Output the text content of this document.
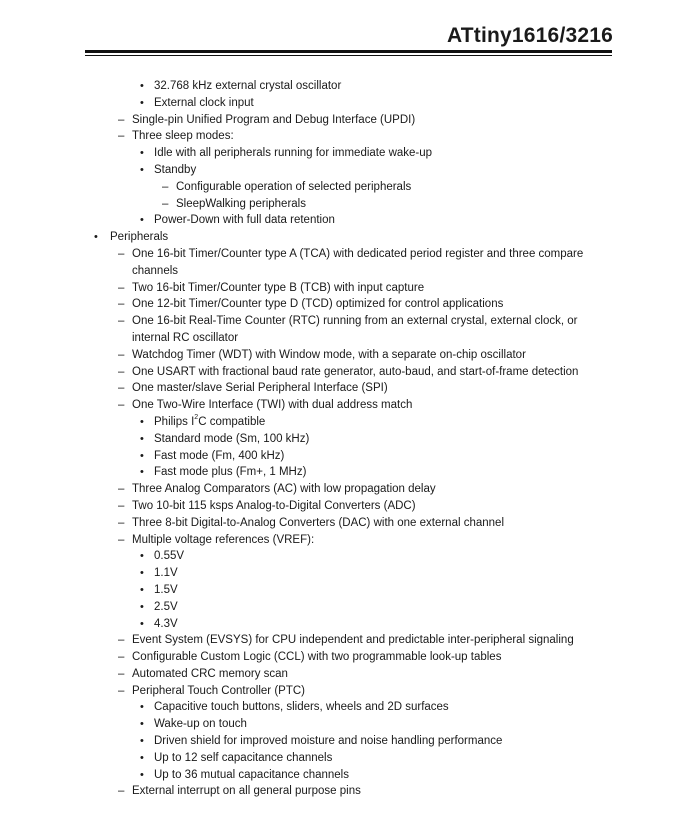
ATtiny1616/3216
• 32.768 kHz external crystal oscillator
• External clock input
– Single-pin Unified Program and Debug Interface (UPDI)
– Three sleep modes:
• Idle with all peripherals running for immediate wake-up
• Standby
– Configurable operation of selected peripherals
– SleepWalking peripherals
• Power-Down with full data retention
• Peripherals
– One 16-bit Timer/Counter type A (TCA) with dedicated period register and three compare channels
– Two 16-bit Timer/Counter type B (TCB) with input capture
– One 12-bit Timer/Counter type D (TCD) optimized for control applications
– One 16-bit Real-Time Counter (RTC) running from an external crystal, external clock, or internal RC oscillator
– Watchdog Timer (WDT) with Window mode, with a separate on-chip oscillator
– One USART with fractional baud rate generator, auto-baud, and start-of-frame detection
– One master/slave Serial Peripheral Interface (SPI)
– One Two-Wire Interface (TWI) with dual address match
• Philips $I^2C$ compatible
• Standard mode (Sm, 100 kHz)
• Fast mode (Fm, 400 kHz)
• Fast mode plus (Fm+, 1 MHz)
– Three Analog Comparators (AC) with low propagation delay
– Two 10-bit 115 ksps Analog-to-Digital Converters (ADC)
– Three 8-bit Digital-to-Analog Converters (DAC) with one external channel
– Multiple voltage references (VREF):
• 0.55V
• 1.1V
• 1.5V
• 2.5V
• 4.3V
– Event System (EVSYS) for CPU independent and predictable inter-peripheral signaling
– Configurable Custom Logic (CCL) with two programmable look-up tables
– Automated CRC memory scan
– Peripheral Touch Controller (PTC)
• Capacitive touch buttons, sliders, wheels and 2D surfaces
• Wake-up on touch
• Driven shield for improved moisture and noise handling performance
• Up to 12 self capacitance channels
• Up to 36 mutual capacitance channels
– External interrupt on all general purpose pins
